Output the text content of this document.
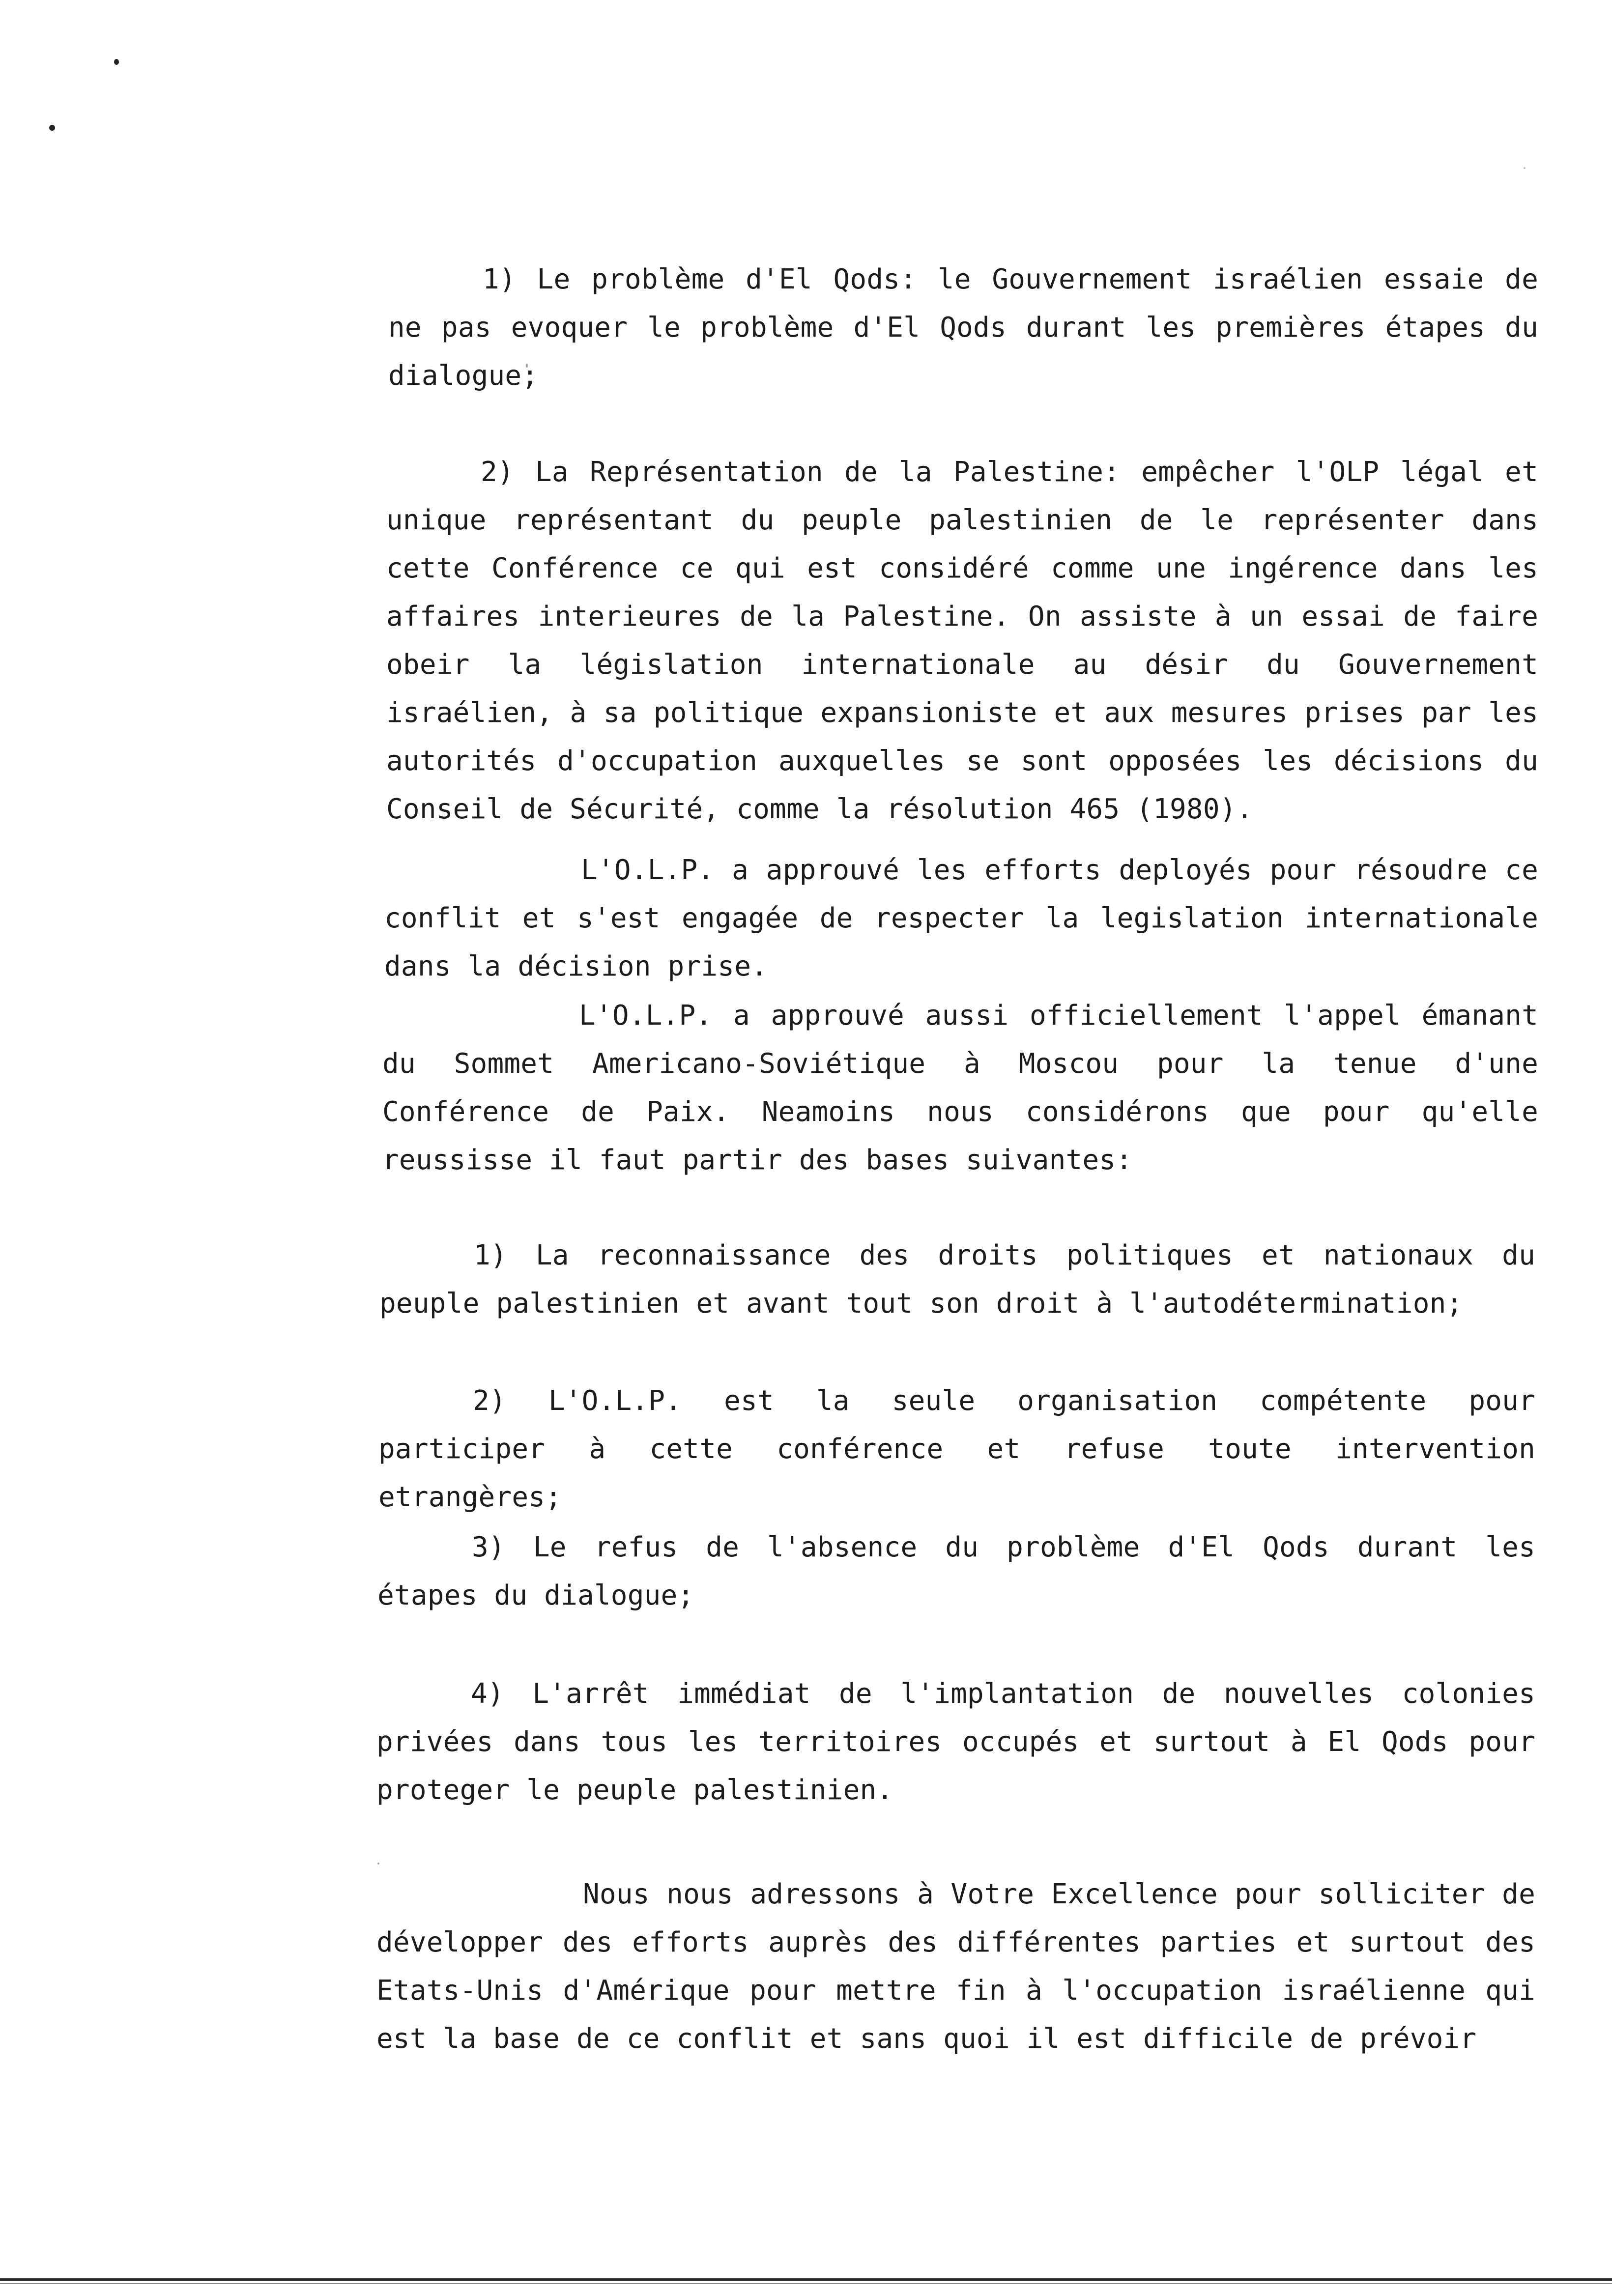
1) Le problème d'El Qods: le Gouvernement israélien essaie de ne pas evoquer le problème d'El Qods durant les premières étapes du dialogue;

2) La Représentation de la Palestine: empêcher l'OLP légal et unique représentant du peuple palestinien de le représenter dans cette Conférence ce qui est considéré comme une ingérence dans les affaires interieures de la Palestine. On assiste à un essai de faire obeir la législation internationale au désir du Gouvernement israélien, à sa politique expansioniste et aux mesures prises par les autorités d'occupation auxquelles se sont opposées les décisions du Conseil de Sécurité, comme la résolution 465 (1980).

L'O.L.P. a approuvé les efforts deployés pour résoudre ce conflit et s'est engagée de respecter la legislation internationale dans la décision prise.

L'O.L.P. a approuvé aussi officiellement l'appel émanant du Sommet Americano-Soviétique à Moscou pour la tenue d'une Conférence de Paix. Neamoins nous considérons que pour qu'elle reussisse il faut partir des bases suivantes:

1) La reconnaissance des droits politiques et nationaux du peuple palestinien et avant tout son droit à l'autodétermination;

2) L'O.L.P. est la seule organisation compétente pour participer à cette conférence et refuse toute intervention etrangères;

3) Le refus de l'absence du problème d'El Qods durant les étapes du dialogue;

4) L'arrêt immédiat de l'implantation de nouvelles colonies privées dans tous les territoires occupés et surtout à El Qods pour proteger le peuple palestinien.

Nous nous adressons à Votre Excellence pour solliciter de développer des efforts auprès des différentes parties et surtout des Etats-Unis d'Amérique pour mettre fin à l'occupation israélienne qui est la base de ce conflit et sans quoi il est difficile de prévoir
